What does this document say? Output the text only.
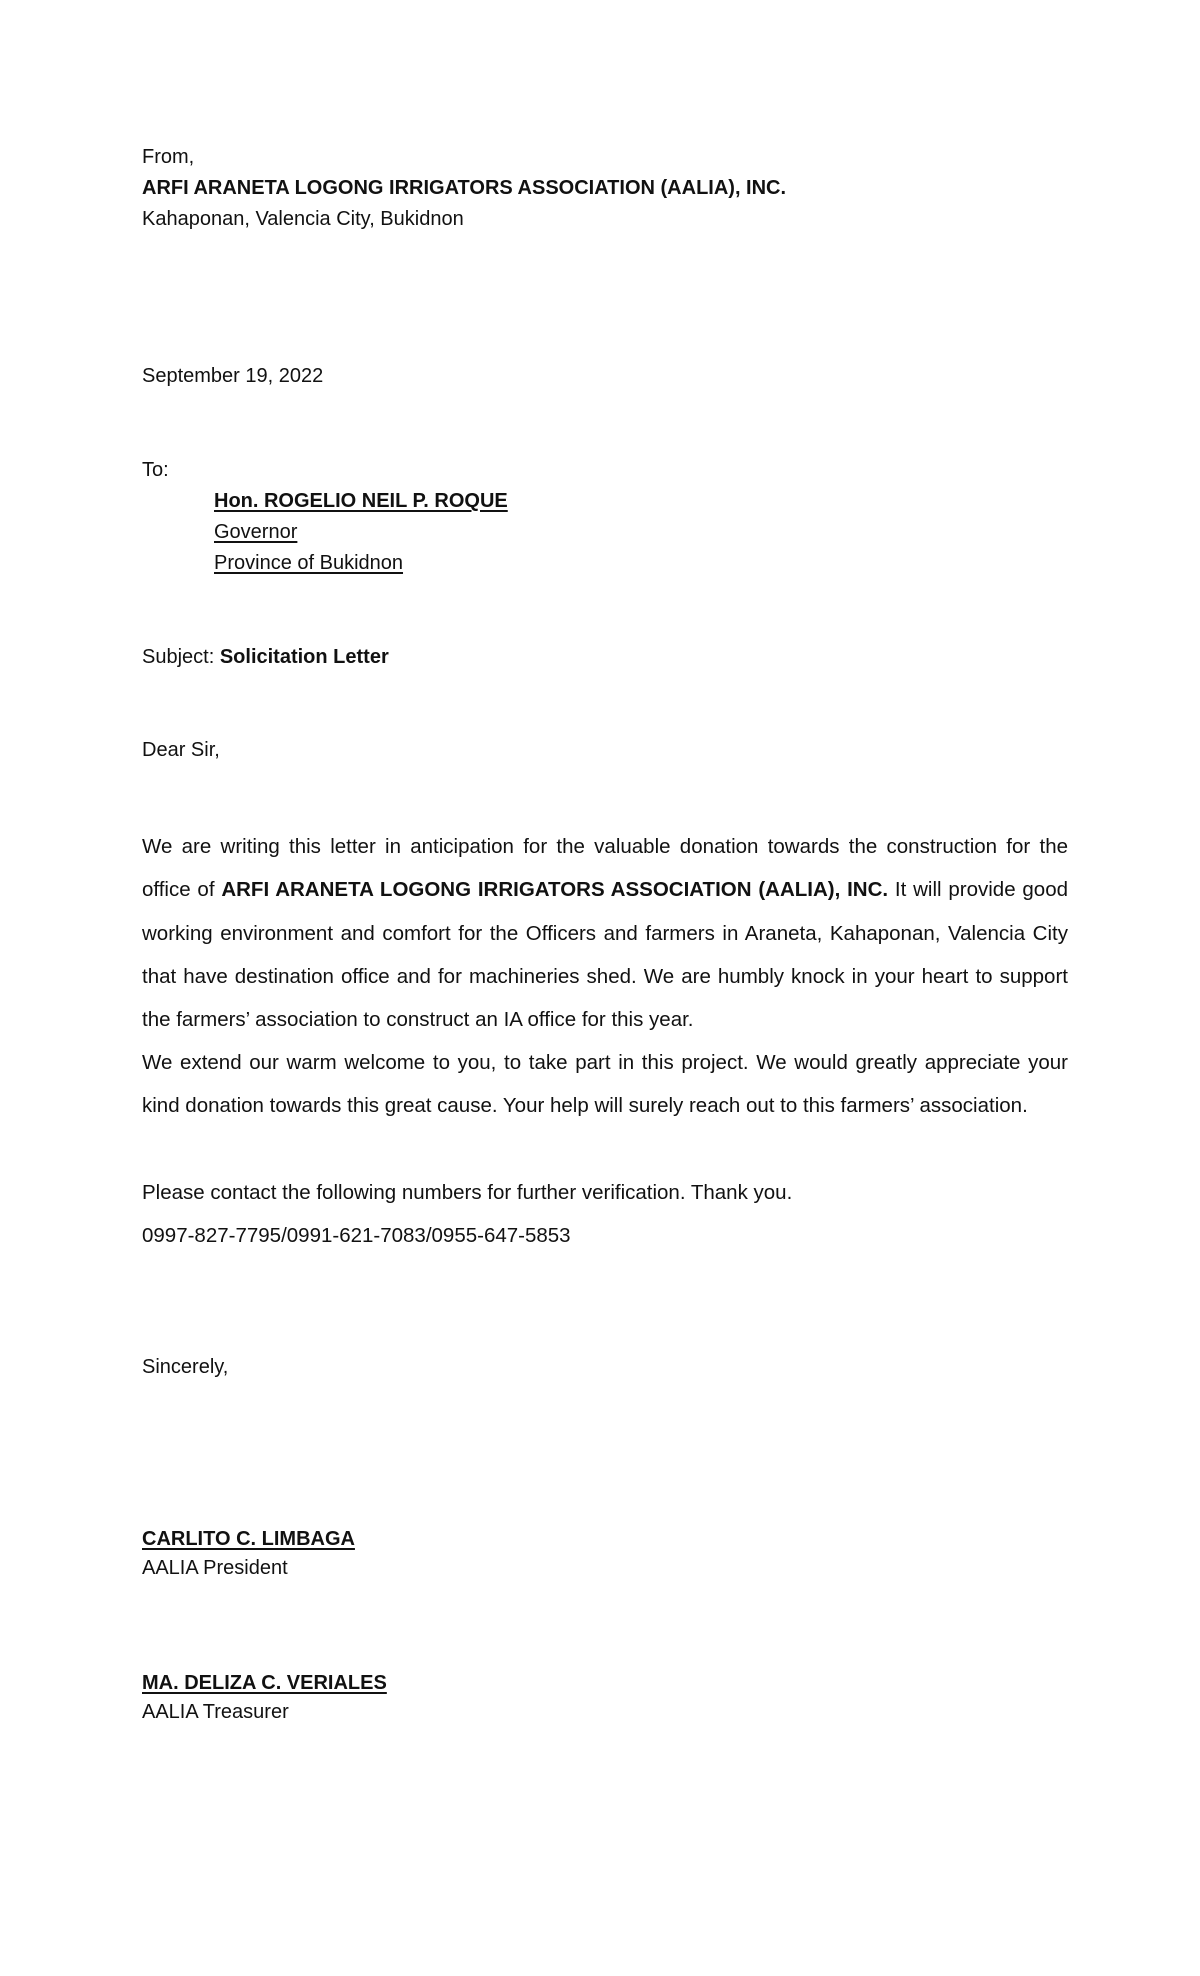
From,
ARFI ARANETA LOGONG IRRIGATORS ASSOCIATION (AALIA), INC.
Kahaponan, Valencia City, Bukidnon
September 19, 2022
To:
Hon. ROGELIO NEIL P. ROQUE
Governor
Province of Bukidnon
Subject: Solicitation Letter
Dear Sir,
We are writing this letter in anticipation for the valuable donation towards the construction for the office of ARFI ARANETA LOGONG IRRIGATORS ASSOCIATION (AALIA), INC. It will provide good working environment and comfort for the Officers and farmers in Araneta, Kahaponan, Valencia City that have destination office and for machineries shed. We are humbly knock in your heart to support the farmers’ association to construct an IA office for this year.
We extend our warm welcome to you, to take part in this project. We would greatly appreciate your kind donation towards this great cause. Your help will surely reach out to this farmers’ association.
Please contact the following numbers for further verification. Thank you.
0997-827-7795/0991-621-7083/0955-647-5853
Sincerely,
CARLITO C. LIMBAGA
AALIA President
MA. DELIZA C. VERIALES
AALIA Treasurer
